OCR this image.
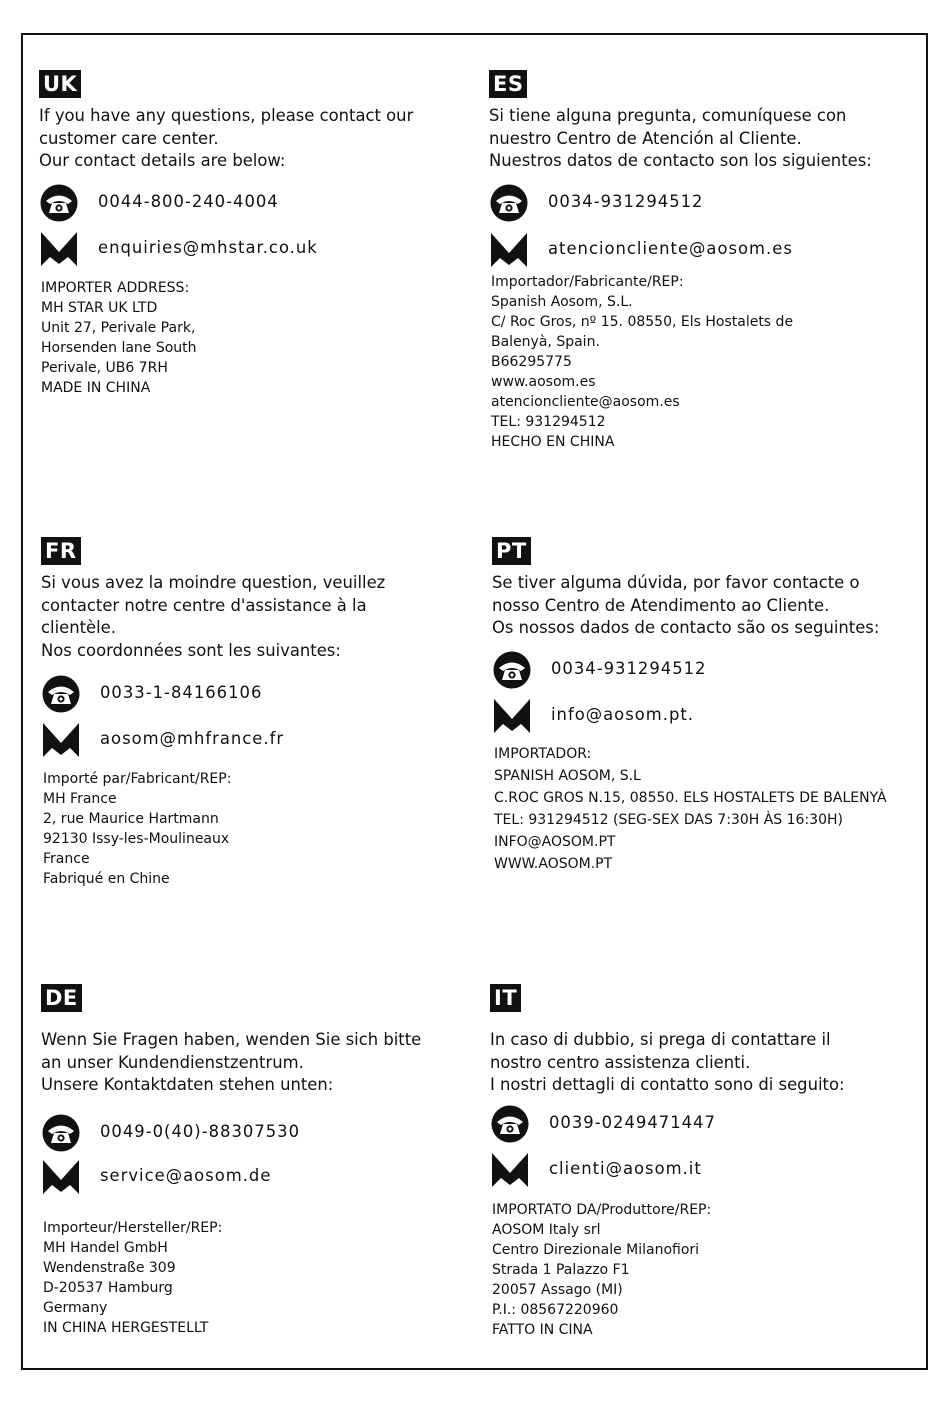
UK
If you have any questions, please contact our
customer care center.
Our contact details are below:
0044-800-240-4004
enquiries@mhstar.co.uk
IMPORTER ADDRESS:
MH STAR UK LTD
Unit 27, Perivale Park,
Horsenden lane South
Perivale, UB6 7RH
MADE IN CHINA
ES
Si tiene alguna pregunta, comuníquese con
nuestro Centro de Atención al Cliente.
Nuestros datos de contacto son los siguientes:
0034-931294512
atencioncliente@aosom.es
Importador/Fabricante/REP:
Spanish Aosom, S.L.
C/ Roc Gros, nº 15. 08550, Els Hostalets de
Balenyà, Spain.
B66295775
www.aosom.es
atencioncliente@aosom.es
TEL: 931294512
HECHO EN CHINA
FR
Si vous avez la moindre question, veuillez
contacter notre centre d'assistance à la
clientèle.
Nos coordonnées sont les suivantes:
0033-1-84166106
aosom@mhfrance.fr
Importé par/Fabricant/REP:
MH France
2, rue Maurice Hartmann
92130 Issy-les-Moulineaux
France
Fabriqué en Chine
PT
Se tiver alguma dúvida, por favor contacte o
nosso Centro de Atendimento ao Cliente.
Os nossos dados de contacto são os seguintes:
0034-931294512
info@aosom.pt.
IMPORTADOR:
SPANISH AOSOM, S.L
C.ROC GROS N.15, 08550. ELS HOSTALETS DE BALENYÀ
TEL: 931294512 (SEG-SEX DAS 7:30H ÀS 16:30H)
INFO@AOSOM.PT
WWW.AOSOM.PT
DE
Wenn Sie Fragen haben, wenden Sie sich bitte
an unser Kundendienstzentrum.
Unsere Kontaktdaten stehen unten:
0049-0(40)-88307530
service@aosom.de
Importeur/Hersteller/REP:
MH Handel GmbH
Wendenstraße 309
D-20537 Hamburg
Germany
IN CHINA HERGESTELLT
IT
In caso di dubbio, si prega di contattare il
nostro centro assistenza clienti.
I nostri dettagli di contatto sono di seguito:
0039-0249471447
clienti@aosom.it
IMPORTATO DA/Produttore/REP:
AOSOM Italy srl
Centro Direzionale Milanofiori
Strada 1 Palazzo F1
20057 Assago (MI)
P.I.: 08567220960
FATTO IN CINA
